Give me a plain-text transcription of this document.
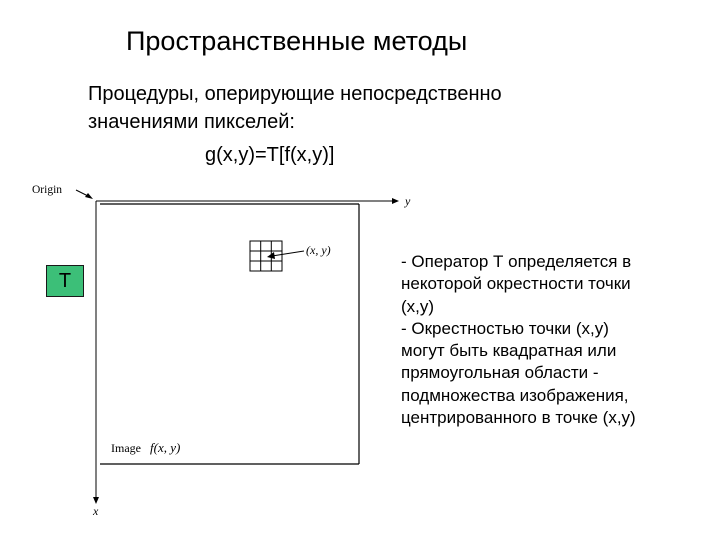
Пространственные методы
Процедуры, оперирующие непосредственно
значениями пикселей:
g(x,y)=T[f(x,y)]
Origin
y
x
(x, y)
Image f(x, y)
T
- Оператор Т определяется в
некоторой окрестности точки
(x,y)
- Окрестностью точки (x,y)
могут быть квадратная или
прямоугольная области -
подмножества изображения,
центрированного в точке (x,y)
